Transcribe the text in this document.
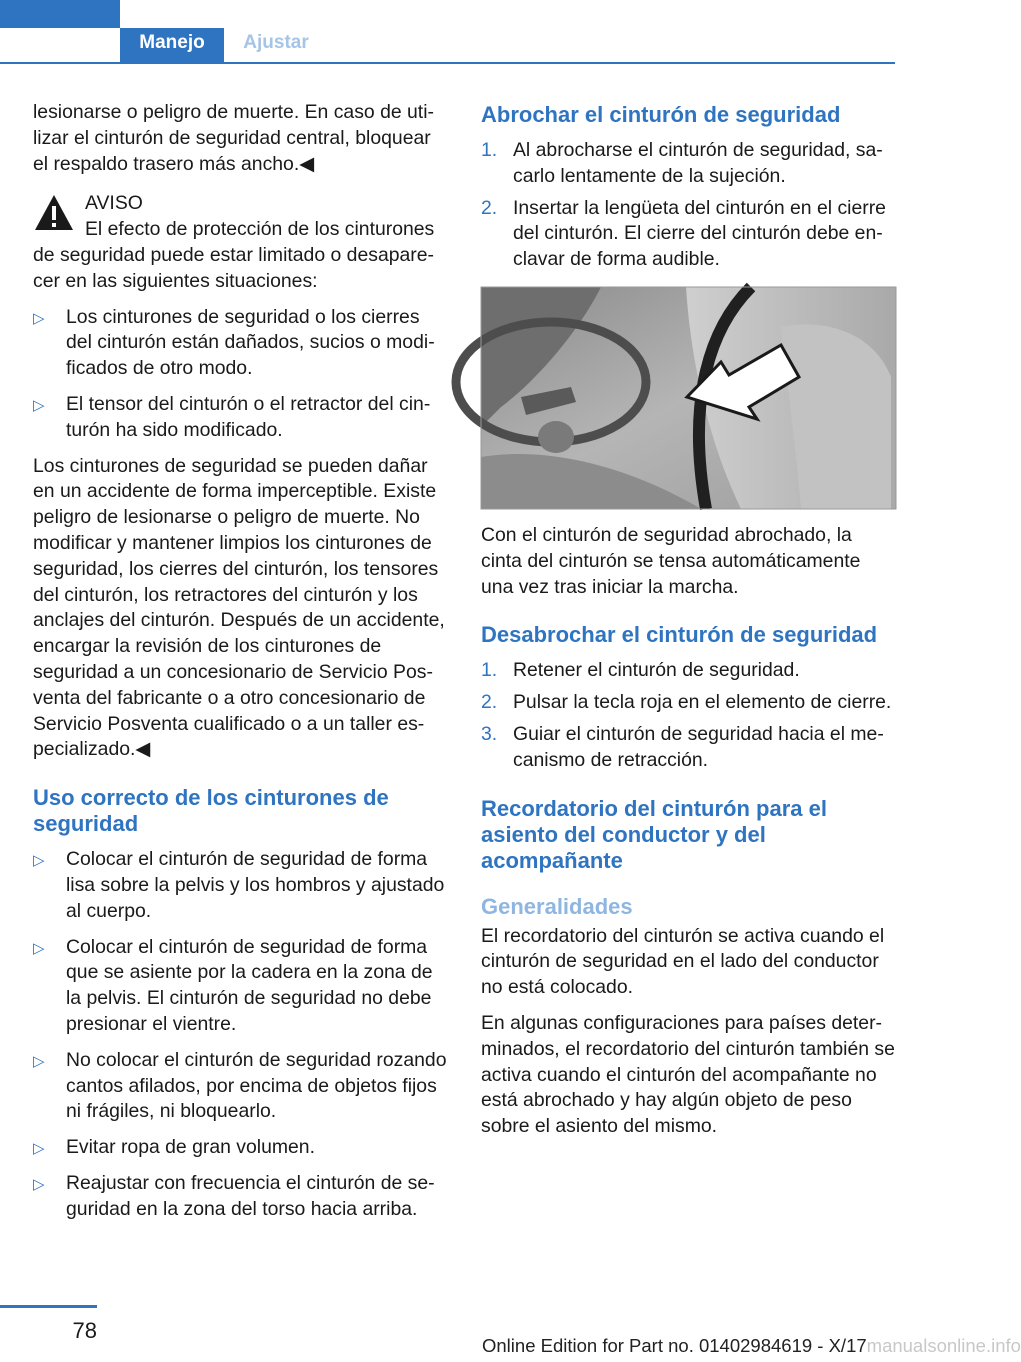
Manejo	Ajustar

lesionarse o peligro de muerte. En caso de utilizar el cinturón de seguridad central, bloquear el respaldo trasero más ancho.◀

AVISO

El efecto de protección de los cinturones de seguridad puede estar limitado o desaparecer en las siguientes situaciones:

▷ Los cinturones de seguridad o los cierres del cinturón están dañados, sucios o modificados de otro modo.
▷ El tensor del cinturón o el retractor del cinturón ha sido modificado.

Los cinturones de seguridad se pueden dañar en un accidente de forma imperceptible. Existe peligro de lesionarse o peligro de muerte. No modificar y mantener limpios los cinturones de seguridad, los cierres del cinturón, los tensores del cinturón, los retractores del cinturón y los anclajes del cinturón. Después de un accidente, encargar la revisión de los cinturones de seguridad a un concesionario de Servicio Posventa del fabricante o a otro concesionario de Servicio Posventa cualificado o a un taller especializado.◀

Uso correcto de los cinturones de seguridad
▷ Colocar el cinturón de seguridad de forma lisa sobre la pelvis y los hombros y ajustado al cuerpo.
▷ Colocar el cinturón de seguridad de forma que se asiente por la cadera en la zona de la pelvis. El cinturón de seguridad no debe presionar el vientre.
▷ No colocar el cinturón de seguridad rozando cantos afilados, por encima de objetos fijos ni frágiles, ni bloquearlo.
▷ Evitar ropa de gran volumen.
▷ Reajustar con frecuencia el cinturón de seguridad en la zona del torso hacia arriba.
Abrochar el cinturón de seguridad
1. Al abrocharse el cinturón de seguridad, sacarlo lentamente de la sujeción.
2. Insertar la lengüeta del cinturón en el cierre del cinturón. El cierre del cinturón debe enclavar de forma audible.

Con el cinturón de seguridad abrochado, la cinta del cinturón se tensa automáticamente una vez tras iniciar la marcha.

Desabrochar el cinturón de seguridad
1. Retener el cinturón de seguridad.
2. Pulsar la tecla roja en el elemento de cierre.
3. Guiar el cinturón de seguridad hacia el mecanismo de retracción.
Recordatorio del cinturón para el asiento del conductor y del acompañante
Generalidades

El recordatorio del cinturón se activa cuando el cinturón de seguridad en el lado del conductor no está colocado.

En algunas configuraciones para países determinados, el recordatorio del cinturón también se activa cuando el cinturón del acompañante no está abrochado y hay algún objeto de peso sobre el asiento del mismo.

78
Online Edition for Part no. 01402984619 - X/17manualsonline.info
